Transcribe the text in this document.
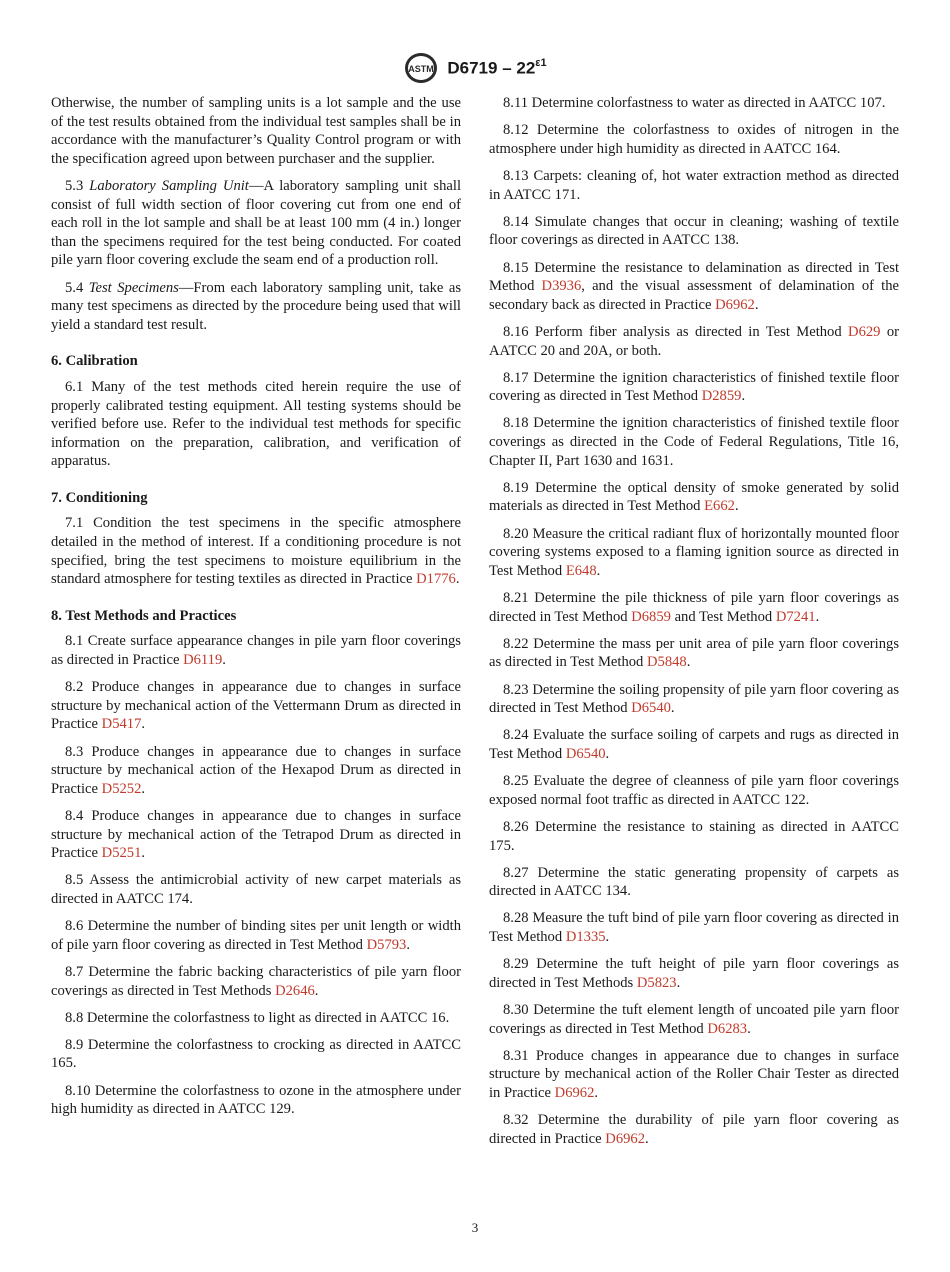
ASTM $D6719 - 22^{\varepsilon 1}$

Otherwise, the number of sampling units is a lot sample and the use of the test results obtained from the individual test samples shall be in accordance with the manufacturer’s Quality Control program or with the specification agreed upon between purchaser and the supplier.

5.3 Laboratory Sampling Unit—A laboratory sampling unit shall consist of full width section of floor covering cut from one end of each roll in the lot sample and shall be at least 100 mm (4 in.) longer than the specimens required for the test being conducted. For coated pile yarn floor covering exclude the seam end of a production roll.

5.4 Test Specimens—From each laboratory sampling unit, take as many test specimens as directed by the procedure being used that will yield a standard test result.

6. Calibration

6.1 Many of the test methods cited herein require the use of properly calibrated testing equipment. All testing systems should be verified before use. Refer to the individual test methods for specific information on the preparation, calibration, and verification of apparatus.

7. Conditioning

7.1 Condition the test specimens in the specific atmosphere detailed in the method of interest. If a conditioning procedure is not specified, bring the test specimens to moisture equilibrium in the standard atmosphere for testing textiles as directed in Practice D1776.

8. Test Methods and Practices

8.1 Create surface appearance changes in pile yarn floor coverings as directed in Practice D6119.

8.2 Produce changes in appearance due to changes in surface structure by mechanical action of the Vettermann Drum as directed in Practice D5417.

8.3 Produce changes in appearance due to changes in surface structure by mechanical action of the Hexapod Drum as directed in Practice D5252.

8.4 Produce changes in appearance due to changes in surface structure by mechanical action of the Tetrapod Drum as directed in Practice D5251.

8.5 Assess the antimicrobial activity of new carpet materials as directed in AATCC 174.

8.6 Determine the number of binding sites per unit length or width of pile yarn floor covering as directed in Test Method D5793.

8.7 Determine the fabric backing characteristics of pile yarn floor coverings as directed in Test Methods D2646.

8.8 Determine the colorfastness to light as directed in AATCC 16.

8.9 Determine the colorfastness to crocking as directed in AATCC 165.

8.10 Determine the colorfastness to ozone in the atmosphere under high humidity as directed in AATCC 129.

8.11 Determine colorfastness to water as directed in AATCC 107.

8.12 Determine the colorfastness to oxides of nitrogen in the atmosphere under high humidity as directed in AATCC 164.

8.13 Carpets: cleaning of, hot water extraction method as directed in AATCC 171.

8.14 Simulate changes that occur in cleaning; washing of textile floor coverings as directed in AATCC 138.

8.15 Determine the resistance to delamination as directed in Test Method D3936, and the visual assessment of delamination of the secondary back as directed in Practice D6962.

8.16 Perform fiber analysis as directed in Test Method D629 or AATCC 20 and 20A, or both.

8.17 Determine the ignition characteristics of finished textile floor covering as directed in Test Method D2859.

8.18 Determine the ignition characteristics of finished textile floor coverings as directed in the Code of Federal Regulations, Title 16, Chapter II, Part 1630 and 1631.

8.19 Determine the optical density of smoke generated by solid materials as directed in Test Method E662.

8.20 Measure the critical radiant flux of horizontally mounted floor covering systems exposed to a flaming ignition source as directed in Test Method E648.

8.21 Determine the pile thickness of pile yarn floor coverings as directed in Test Method D6859 and Test Method D7241.

8.22 Determine the mass per unit area of pile yarn floor coverings as directed in Test Method D5848.

8.23 Determine the soiling propensity of pile yarn floor covering as directed in Test Method D6540.

8.24 Evaluate the surface soiling of carpets and rugs as directed in Test Method D6540.

8.25 Evaluate the degree of cleanness of pile yarn floor coverings exposed normal foot traffic as directed in AATCC 122.

8.26 Determine the resistance to staining as directed in AATCC 175.

8.27 Determine the static generating propensity of carpets as directed in AATCC 134.

8.28 Measure the tuft bind of pile yarn floor covering as directed in Test Method D1335.

8.29 Determine the tuft height of pile yarn floor coverings as directed in Test Methods D5823.

8.30 Determine the tuft element length of uncoated pile yarn floor coverings as directed in Test Method D6283.

8.31 Produce changes in appearance due to changes in surface structure by mechanical action of the Roller Chair Tester as directed in Practice D6962.

8.32 Determine the durability of pile yarn floor covering as directed in Practice D6962.

3
